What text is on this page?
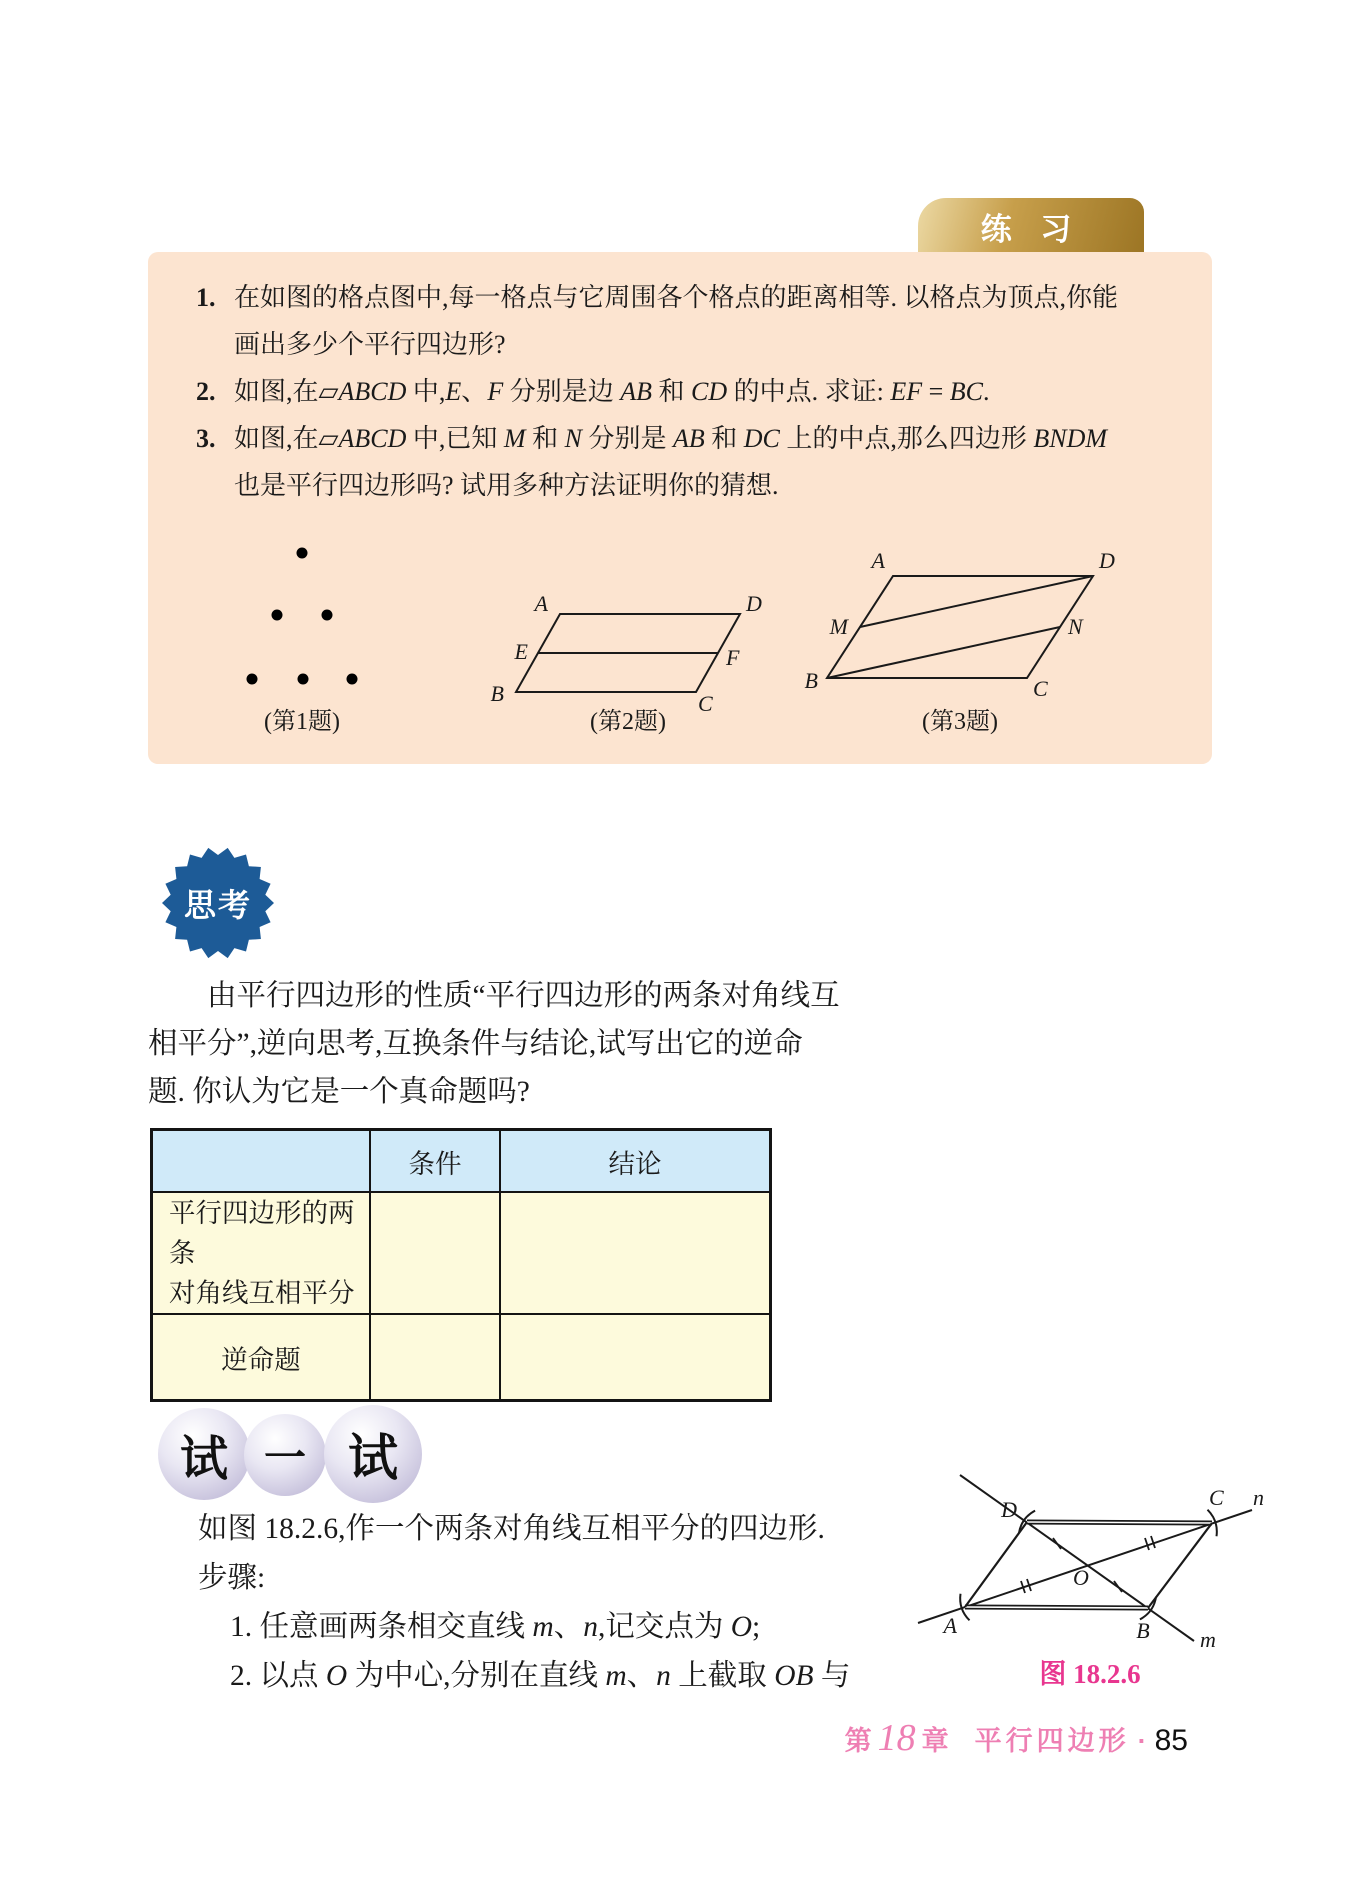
练 习
1. 在如图的格点图中,每一格点与它周围各个格点的距离相等. 以格点为顶点,你能
画出多少个平行四边形?
2. 如图,在▱ABCD 中,E、F 分别是边 AB 和 CD 的中点. 求证: EF = BC.
3. 如图,在▱ABCD 中,已知 M 和 N 分别是 AB 和 DC 上的中点,那么四边形 BNDM
也是平行四边形吗? 试用多种方法证明你的猜想.
A	D
E	F
B	C
A	D
M	N
B	C
(第1题)	(第2题)	(第3题)
思考
由平行四边形的性质“平行四边形的两条对角线互
相平分”,逆向思考,互换条件与结论,试写出它的逆命
题. 你认为它是一个真命题吗?
	条件	结论
平行四边形的两条
对角线互相平分		
逆命题		
试 一 试
如图 18.2.6,作一个两条对角线互相平分的四边形.
步骤:
1. 任意画两条相交直线 m、n,记交点为 O;
2. 以点 O 为中心,分别在直线 m、n 上截取 OB 与
D	C
A	B
O
m
n
图 18.2.6
第 18 章 平行四边形 · 85
